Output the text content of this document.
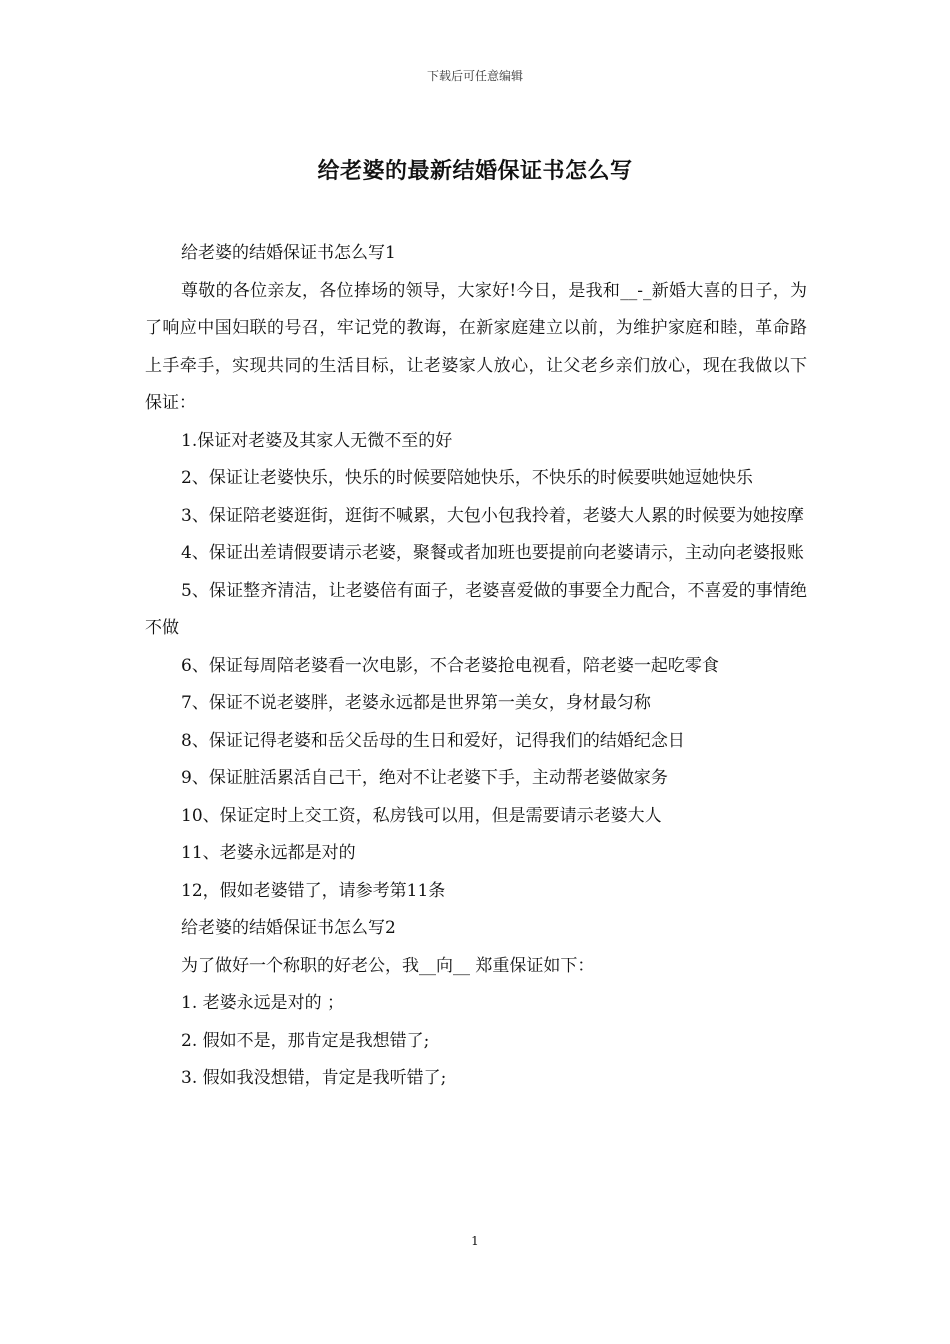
下载后可任意编辑
给老婆的最新结婚保证书怎么写

给老婆的结婚保证书怎么写1

尊敬的各位亲友，各位捧场的领导，大家好!今日，是我和__-_新婚大喜的日子，为了响应中国妇联的号召，牢记党的教诲，在新家庭建立以前，为维护家庭和睦，革命路上手牵手，实现共同的生活目标，让老婆家人放心，让父老乡亲们放心，现在我做以下保证：

1.保证对老婆及其家人无微不至的好

2、保证让老婆快乐，快乐的时候要陪她快乐，不快乐的时候要哄她逗她快乐

3、保证陪老婆逛街，逛街不喊累，大包小包我拎着，老婆大人累的时候要为她按摩

4、保证出差请假要请示老婆，聚餐或者加班也要提前向老婆请示，主动向老婆报账

5、保证整齐清洁，让老婆倍有面子，老婆喜爱做的事要全力配合，不喜爱的事情绝不做

6、保证每周陪老婆看一次电影，不合老婆抢电视看，陪老婆一起吃零食

7、保证不说老婆胖，老婆永远都是世界第一美女，身材最匀称

8、保证记得老婆和岳父岳母的生日和爱好，记得我们的结婚纪念日

9、保证脏活累活自己干，绝对不让老婆下手，主动帮老婆做家务

10、保证定时上交工资，私房钱可以用，但是需要请示老婆大人

11、老婆永远都是对的

12，假如老婆错了，请参考第11条

给老婆的结婚保证书怎么写2

为了做好一个称职的好老公，我__向__ 郑重保证如下：

1. 老婆永远是对的 ；

2. 假如不是，那肯定是我想错了;

3. 假如我没想错，肯定是我听错了;

1
